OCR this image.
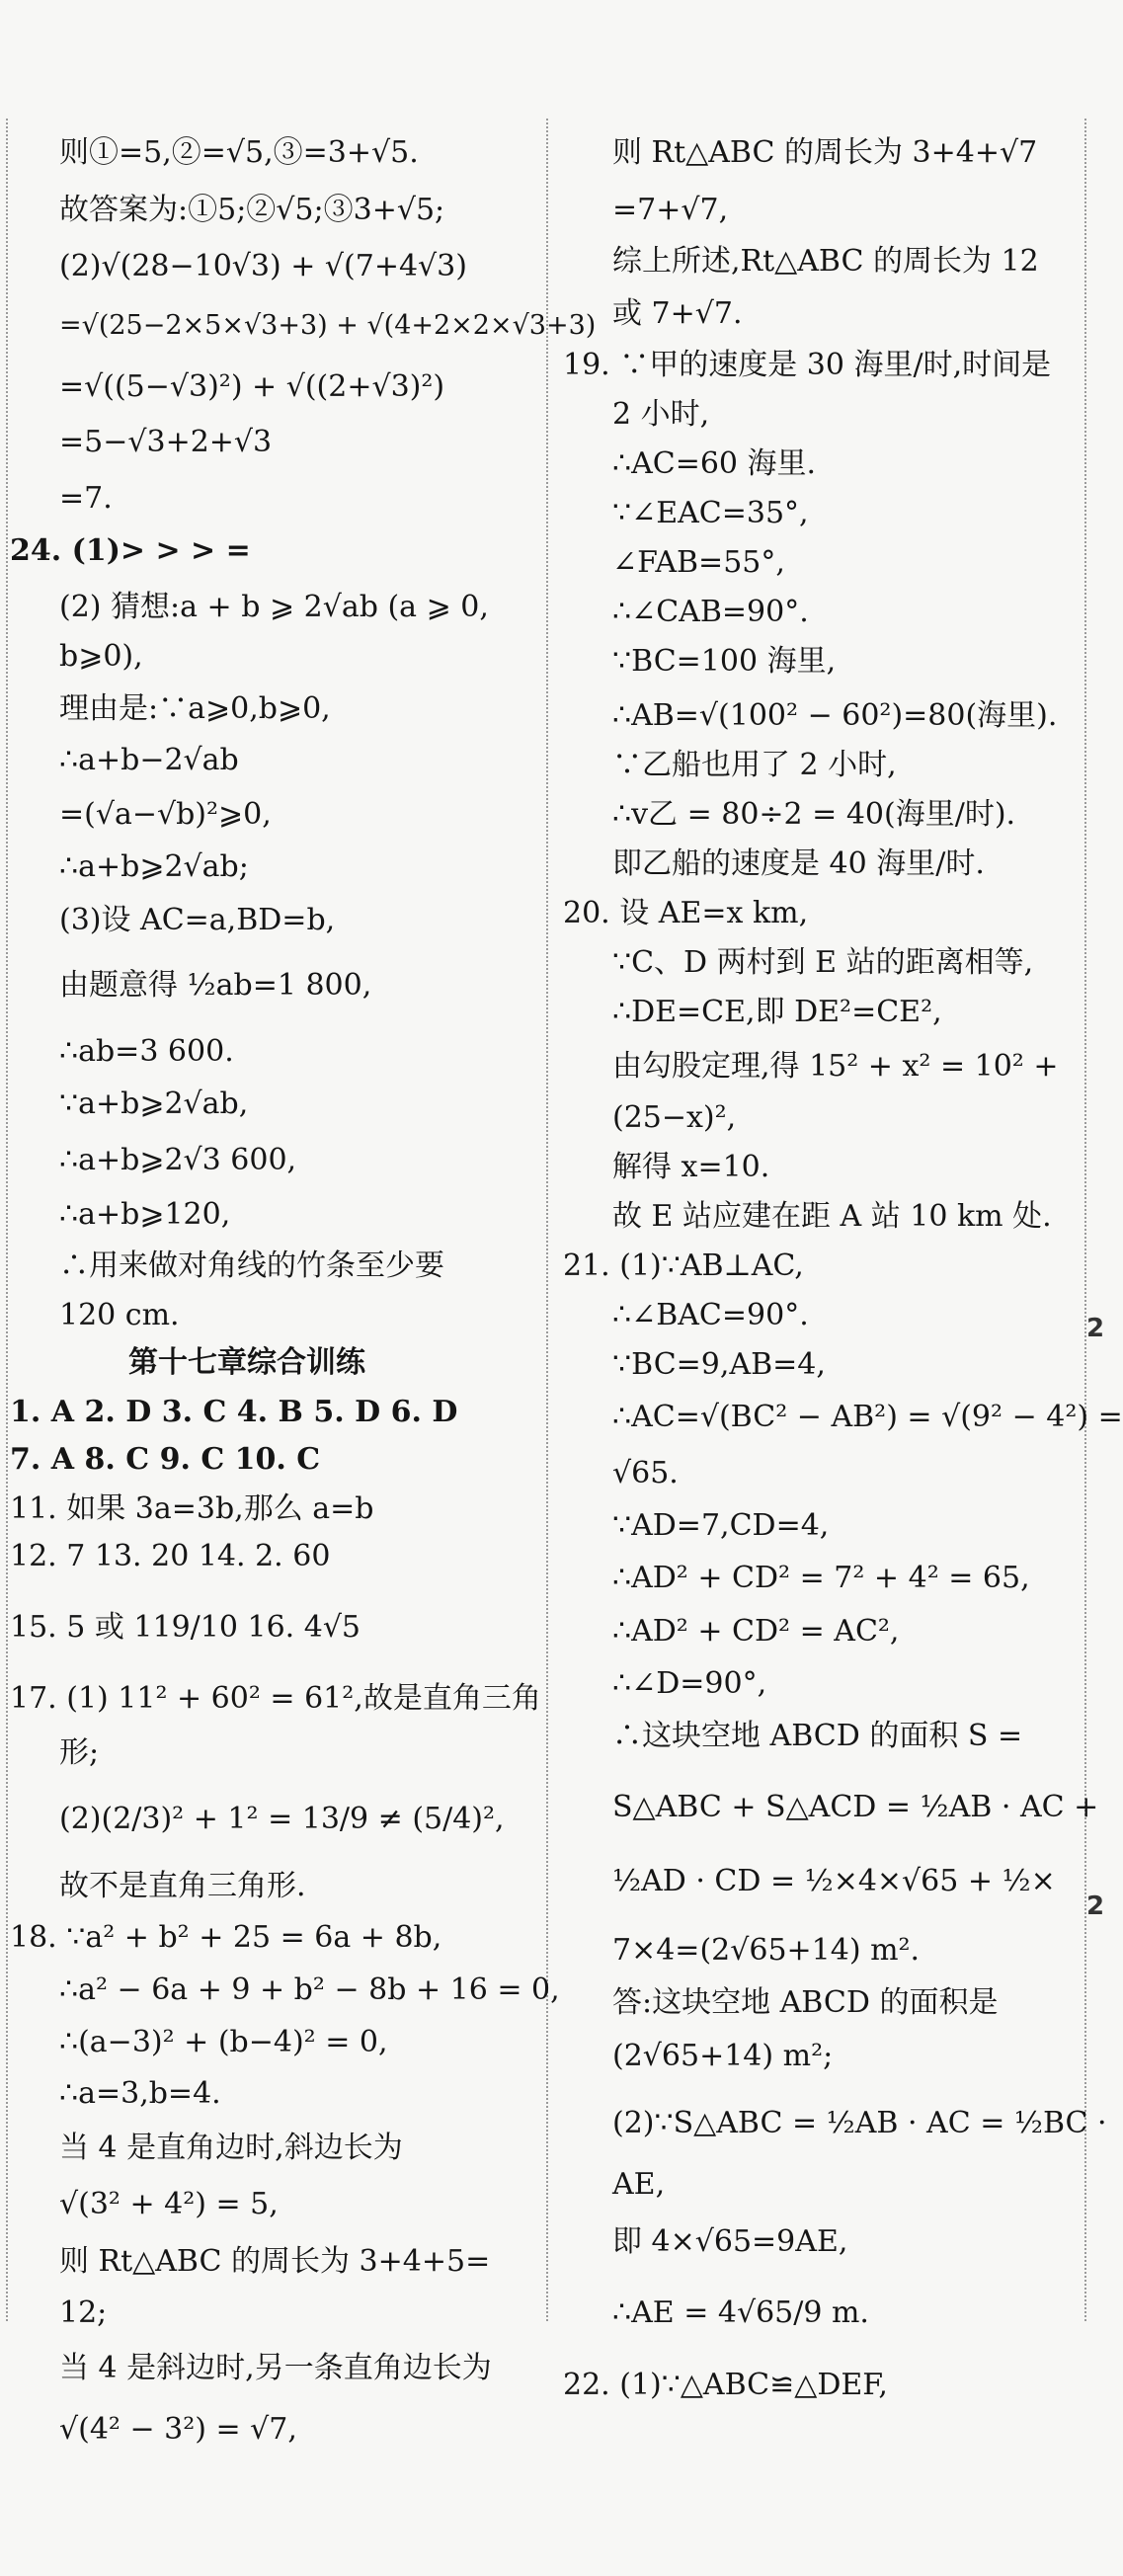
则①=5,②=√5,③=3+√5.
故答案为:①5;②√5;③3+√5;
(2)√(28−10√3) + √(7+4√3)
=√(25−2×5×√3+3) + √(4+2×2×√3+3)
=√((5−√3)²) + √((2+√3)²)
=5−√3+2+√3
=7.
24. (1)> > > =
(2) 猜想:a + b ⩾ 2√ab (a ⩾ 0,
b⩾0),
理由是:∵a⩾0,b⩾0,
∴a+b−2√ab
=(√a−√b)²⩾0,
∴a+b⩾2√ab;
(3)设 AC=a,BD=b,
由题意得 ½ab=1 800,
∴ab=3 600.
∵a+b⩾2√ab,
∴a+b⩾2√3 600,
∴a+b⩾120,
∴用来做对角线的竹条至少要
120 cm.
第十七章综合训练
1. A 2. D 3. C 4. B 5. D 6. D
7. A 8. C 9. C 10. C
11. 如果 3a=3b,那么 a=b
12. 7 13. 20 14. 2. 60
15. 5 或 119/10 16. 4√5
17. (1) 11² + 60² = 61²,故是直角三角
形;
(2)(2/3)² + 1² = 13/9 ≠ (5/4)²,
故不是直角三角形.
18. ∵a² + b² + 25 = 6a + 8b,
∴a² − 6a + 9 + b² − 8b + 16 = 0,
∴(a−3)² + (b−4)² = 0,
∴a=3,b=4.
当 4 是直角边时,斜边长为
√(3² + 4²) = 5,
则 Rt△ABC 的周长为 3+4+5=
12;
当 4 是斜边时,另一条直角边长为
√(4² − 3²) = √7,
则 Rt△ABC 的周长为 3+4+√7
=7+√7,
综上所述,Rt△ABC 的周长为 12
或 7+√7.
19. ∵甲的速度是 30 海里/时,时间是
2 小时,
∴AC=60 海里.
∵∠EAC=35°,
∠FAB=55°,
∴∠CAB=90°.
∵BC=100 海里,
∴AB=√(100² − 60²)=80(海里).
∵乙船也用了 2 小时,
∴v乙 = 80÷2 = 40(海里/时).
即乙船的速度是 40 海里/时.
20. 设 AE=x km,
∵C、D 两村到 E 站的距离相等,
∴DE=CE,即 DE²=CE²,
由勾股定理,得 15² + x² = 10² +
(25−x)²,
解得 x=10.
故 E 站应建在距 A 站 10 km 处.
21. (1)∵AB⊥AC,
∴∠BAC=90°.
∵BC=9,AB=4,
∴AC=√(BC² − AB²) = √(9² − 4²) =
√65.
∵AD=7,CD=4,
∴AD² + CD² = 7² + 4² = 65,
∴AD² + CD² = AC²,
∴∠D=90°,
∴这块空地 ABCD 的面积 S =
S△ABC + S△ACD = ½AB · AC +
½AD · CD = ½×4×√65 + ½×
7×4=(2√65+14) m².
答:这块空地 ABCD 的面积是
(2√65+14) m²;
(2)∵S△ABC = ½AB · AC = ½BC ·
AE,
即 4×√65=9AE,
∴AE = 4√65/9 m.
22. (1)∵△ABC≌△DEF,
2
2
